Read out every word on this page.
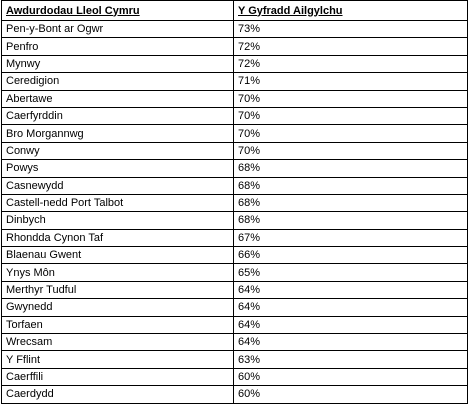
Awdurdodau Lleol Cymru	Y Gyfradd Ailgylchu
Pen-y-Bont ar Ogwr	73%
Penfro	72%
Mynwy	72%
Ceredigion	71%
Abertawe	70%
Caerfyrddin	70%
Bro Morgannwg	70%
Conwy	70%
Powys	68%
Casnewydd	68%
Castell-nedd Port Talbot	68%
Dinbych	68%
Rhondda Cynon Taf	67%
Blaenau Gwent	66%
Ynys Môn	65%
Merthyr Tudful	64%
Gwynedd	64%
Torfaen	64%
Wrecsam	64%
Y Fflint	63%
Caerffili	60%
Caerdydd	60%
